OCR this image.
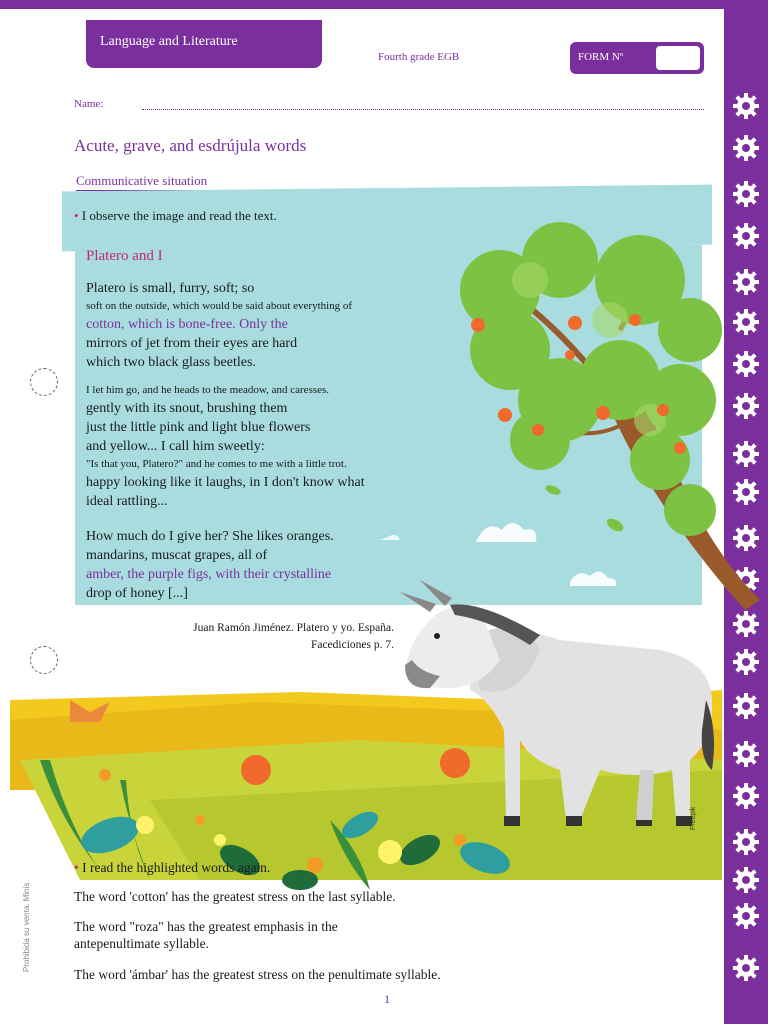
Language and Literature
Fourth grade EGB	FORM Nº
Name:
Acute, grave, and esdrújula words
Communicative situation
• I observe the image and read the text.
Platero and I
Platero is small, furry, soft; so
soft on the outside, which would be said about everything of
cotton, which is bone-free. Only the
mirrors of jet from their eyes are hard
which two black glass beetles.
I let him go, and he heads to the meadow, and caresses.
gently with its snout, brushing them
just the little pink and light blue flowers
and yellow... I call him sweetly:
"Is that you, Platero?" and he comes to me with a little trot.
happy looking like it laughs, in I don't know what
ideal rattling...
How much do I give her? She likes oranges.
mandarins, muscat grapes, all of
amber, the purple figs, with their crystalline
drop of honey [...]
Juan Ramón Jiménez. Platero y yo. España.
Facediciones p. 7.
• I read the highlighted words again.
The word 'cotton' has the greatest stress on the last syllable.
The word "roza" has the greatest emphasis in the
antepenultimate syllable.
The word 'ámbar' has the greatest stress on the penultimate syllable.
1
Prohibida su venta. Minis
Freepik
